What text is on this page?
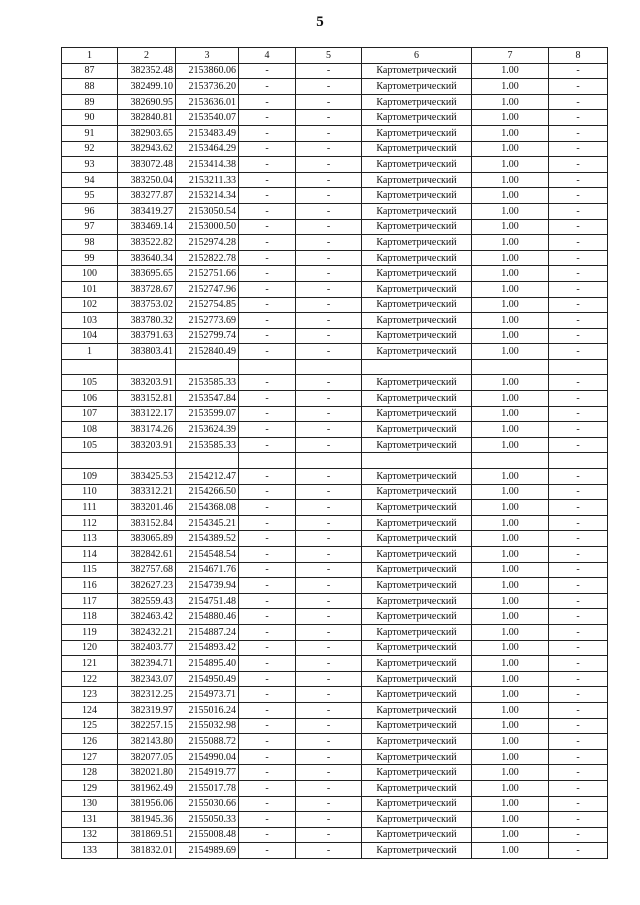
5
1	2	3	4	5	6	7	8
87	382352.48	2153860.06	-	-	Картометрический	1.00	-
88	382499.10	2153736.20	-	-	Картометрический	1.00	-
89	382690.95	2153636.01	-	-	Картометрический	1.00	-
90	382840.81	2153540.07	-	-	Картометрический	1.00	-
91	382903.65	2153483.49	-	-	Картометрический	1.00	-
92	382943.62	2153464.29	-	-	Картометрический	1.00	-
93	383072.48	2153414.38	-	-	Картометрический	1.00	-
94	383250.04	2153211.33	-	-	Картометрический	1.00	-
95	383277.87	2153214.34	-	-	Картометрический	1.00	-
96	383419.27	2153050.54	-	-	Картометрический	1.00	-
97	383469.14	2153000.50	-	-	Картометрический	1.00	-
98	383522.82	2152974.28	-	-	Картометрический	1.00	-
99	383640.34	2152822.78	-	-	Картометрический	1.00	-
100	383695.65	2152751.66	-	-	Картометрический	1.00	-
101	383728.67	2152747.96	-	-	Картометрический	1.00	-
102	383753.02	2152754.85	-	-	Картометрический	1.00	-
103	383780.32	2152773.69	-	-	Картометрический	1.00	-
104	383791.63	2152799.74	-	-	Картометрический	1.00	-
1	383803.41	2152840.49	-	-	Картометрический	1.00	-

105	383203.91	2153585.33	-	-	Картометрический	1.00	-
106	383152.81	2153547.84	-	-	Картометрический	1.00	-
107	383122.17	2153599.07	-	-	Картометрический	1.00	-
108	383174.26	2153624.39	-	-	Картометрический	1.00	-
105	383203.91	2153585.33	-	-	Картометрический	1.00	-

109	383425.53	2154212.47	-	-	Картометрический	1.00	-
110	383312.21	2154266.50	-	-	Картометрический	1.00	-
111	383201.46	2154368.08	-	-	Картометрический	1.00	-
112	383152.84	2154345.21	-	-	Картометрический	1.00	-
113	383065.89	2154389.52	-	-	Картометрический	1.00	-
114	382842.61	2154548.54	-	-	Картометрический	1.00	-
115	382757.68	2154671.76	-	-	Картометрический	1.00	-
116	382627.23	2154739.94	-	-	Картометрический	1.00	-
117	382559.43	2154751.48	-	-	Картометрический	1.00	-
118	382463.42	2154880.46	-	-	Картометрический	1.00	-
119	382432.21	2154887.24	-	-	Картометрический	1.00	-
120	382403.77	2154893.42	-	-	Картометрический	1.00	-
121	382394.71	2154895.40	-	-	Картометрический	1.00	-
122	382343.07	2154950.49	-	-	Картометрический	1.00	-
123	382312.25	2154973.71	-	-	Картометрический	1.00	-
124	382319.97	2155016.24	-	-	Картометрический	1.00	-
125	382257.15	2155032.98	-	-	Картометрический	1.00	-
126	382143.80	2155088.72	-	-	Картометрический	1.00	-
127	382077.05	2154990.04	-	-	Картометрический	1.00	-
128	382021.80	2154919.77	-	-	Картометрический	1.00	-
129	381962.49	2155017.78	-	-	Картометрический	1.00	-
130	381956.06	2155030.66	-	-	Картометрический	1.00	-
131	381945.36	2155050.33	-	-	Картометрический	1.00	-
132	381869.51	2155008.48	-	-	Картометрический	1.00	-
133	381832.01	2154989.69	-	-	Картометрический	1.00	-
